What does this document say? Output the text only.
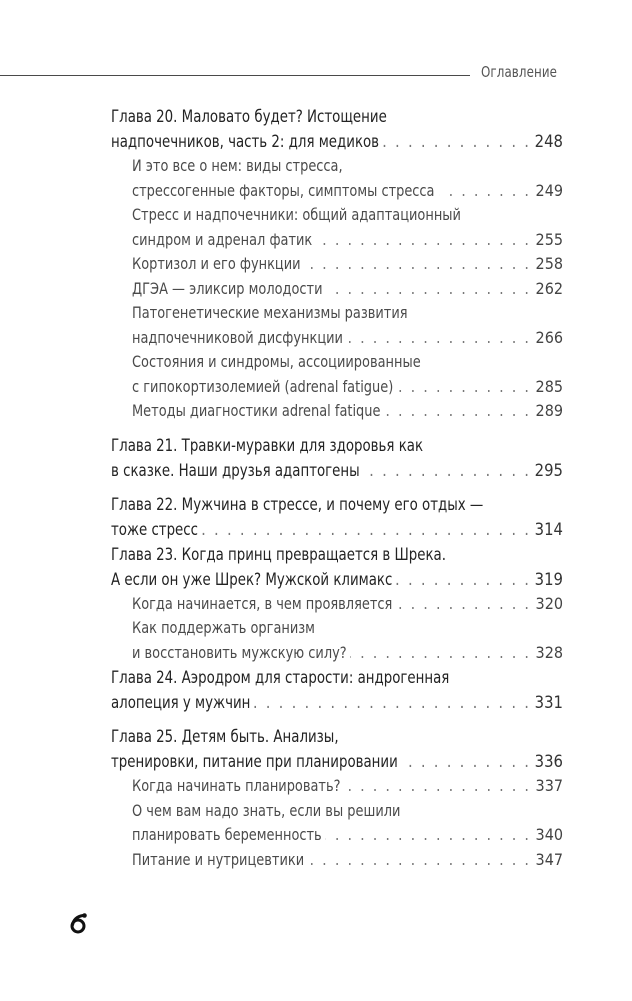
Оглавление
Глава 20. Маловато будет? Истощение
надпочечников, часть 2: для медиков . . .	248
И это все о нем: виды стресса,
стрессогенные факторы, симптомы стресса . . .	249
Стресс и надпочечники: общий адаптационный
синдром и адренал фатик . . .	255
Кортизол и его функции . . .	258
ДГЭА — эликсир молодости . . .	262
Патогенетические механизмы развития
надпочечниковой дисфункции . . .	266
Состояния и синдромы, ассоциированные
с гипокортизолемией (adrenal fatigue) . . .	285
Методы диагностики adrenal fatique . . .	289
Глава 21. Травки-муравки для здоровья как
в сказке. Наши друзья адаптогены . . .	295
Глава 22. Мужчина в стрессе, и почему его отдых —
тоже стресс . . .	314
Глава 23. Когда принц превращается в Шрека.
А если он уже Шрек? Мужской климакс . . .	319
Когда начинается, в чем проявляется . . .	320
Как поддержать организм
и восстановить мужскую силу? . . .	328
Глава 24. Аэродром для старости: андрогенная
алопеция у мужчин . . .	331
Глава 25. Детям быть. Анализы,
тренировки, питание при планировании . . .	336
Когда начинать планировать? . . .	337
О чем вам надо знать, если вы решили
планировать беременность . . .	340
Питание и нутрицевтики . . .	347
